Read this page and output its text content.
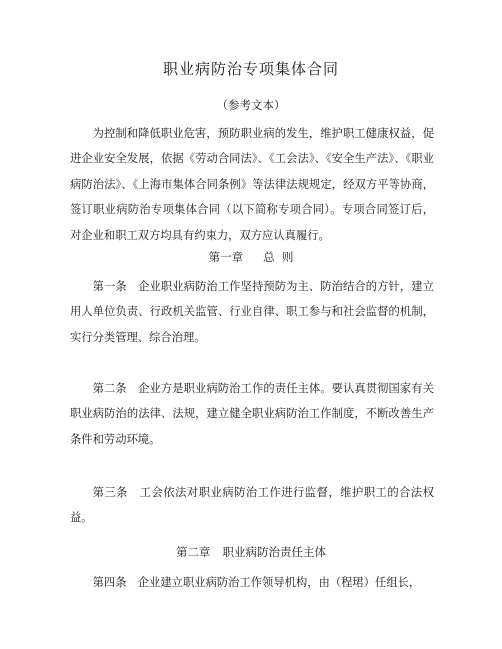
职业病防治专项集体合同
（参考文本）

为控制和降低职业危害，预防职业病的发生，维护职工健康权益，促进企业安全发展，依据《劳动合同法》、《工会法》、《安全生产法》、《职业病防治法》、《上海市集体合同条例》等法律法规规定，经双方平等协商，签订职业病防治专项集体合同（以下简称专项合同）。专项合同签订后，对企业和职工双方均具有约束力，双方应认真履行。

第一章 总  则

第一条　企业职业病防治工作坚持预防为主、防治结合的方针，建立用人单位负责、行政机关监管、行业自律、职工参与和社会监督的机制，实行分类管理、综合治理。

第二条　企业方是职业病防治工作的责任主体。要认真贯彻国家有关职业病防治的法律、法规，建立健全职业病防治工作制度，不断改善生产条件和劳动环境。

第三条　工会依法对职业病防治工作进行监督，维护职工的合法权益。

第二章 职业病防治责任主体

第四条　企业建立职业病防治工作领导机构，由（程珺）任组长，
